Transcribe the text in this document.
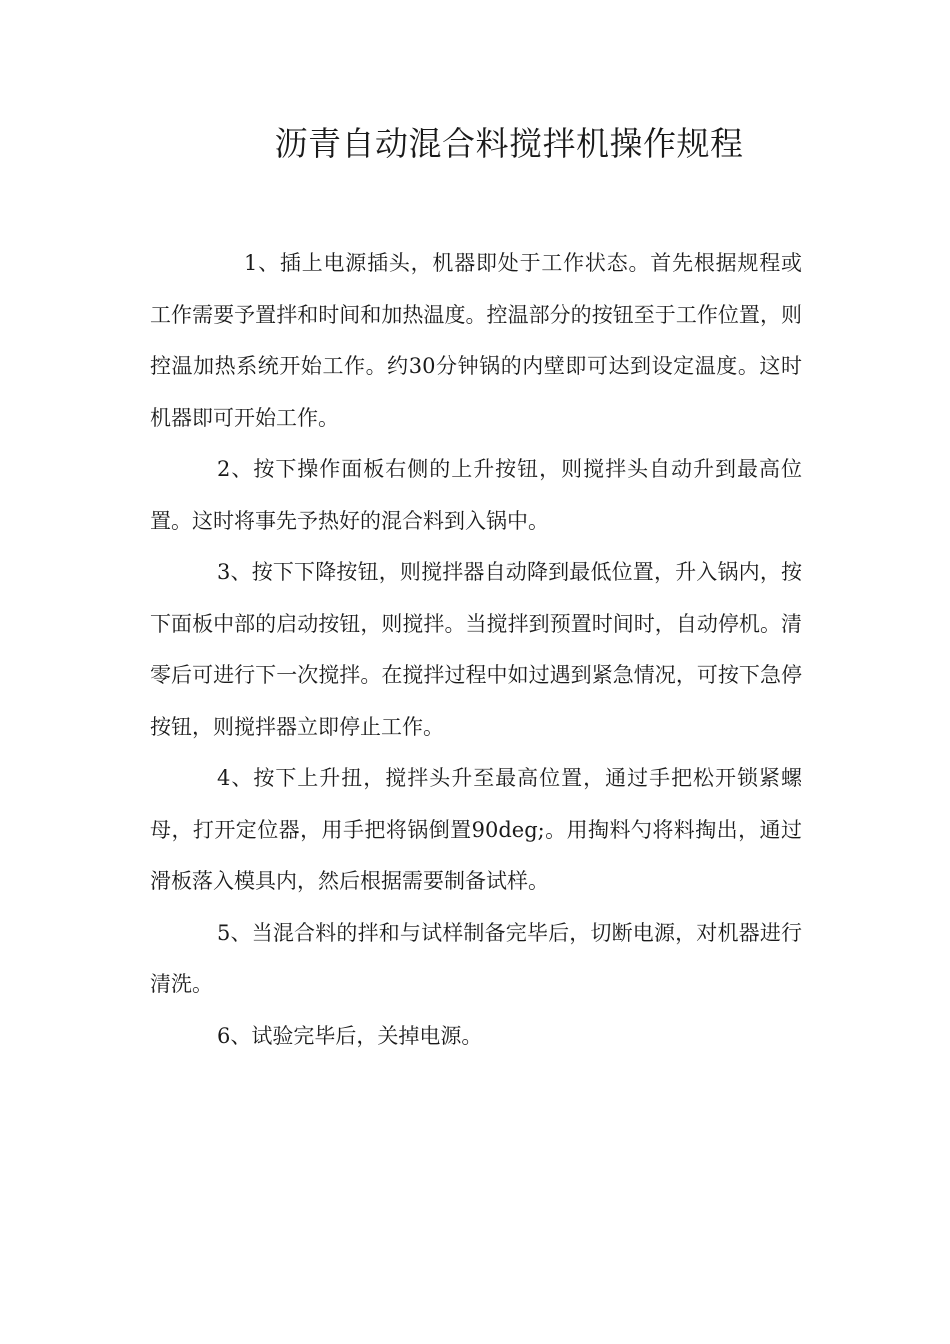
沥青自动混合料搅拌机操作规程

1、插上电源插头，机器即处于工作状态。首先根据规程或工作需要予置拌和时间和加热温度。控温部分的按钮至于工作位置，则控温加热系统开始工作。约30分钟锅的内壁即可达到设定温度。这时机器即可开始工作。

2、按下操作面板右侧的上升按钮，则搅拌头自动升到最高位置。这时将事先予热好的混合料到入锅中。

3、按下下降按钮，则搅拌器自动降到最低位置，升入锅内，按下面板中部的启动按钮，则搅拌。当搅拌到预置时间时，自动停机。清零后可进行下一次搅拌。在搅拌过程中如过遇到紧急情况，可按下急停按钮，则搅拌器立即停止工作。

4、按下上升扭，搅拌头升至最高位置，通过手把松开锁紧螺母，打开定位器，用手把将锅倒置90deg;。用掏料勺将料掏出，通过滑板落入模具内，然后根据需要制备试样。

5、当混合料的拌和与试样制备完毕后，切断电源，对机器进行清洗。

6、试验完毕后，关掉电源。
